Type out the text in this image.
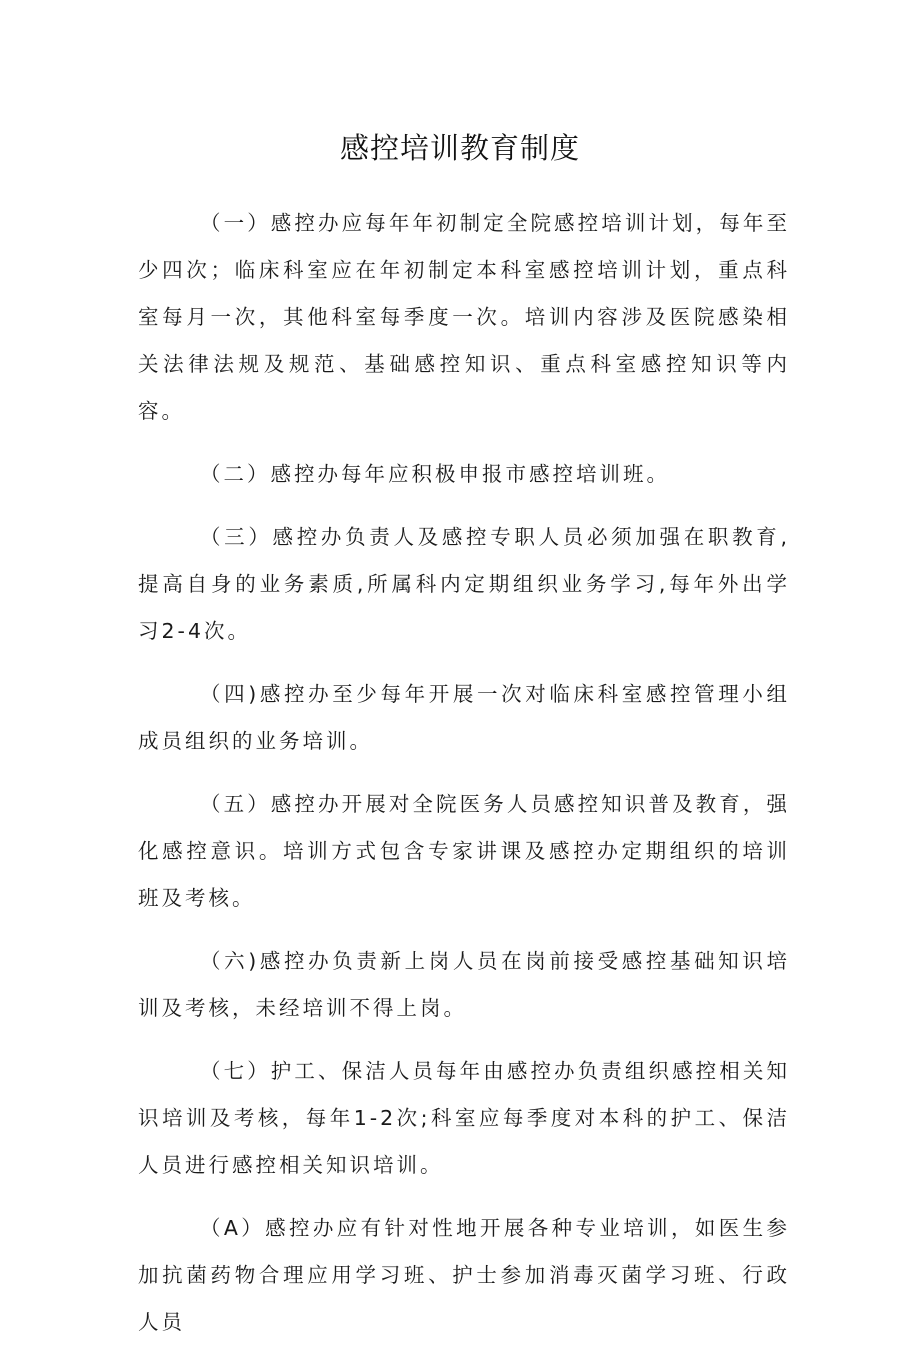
感控培训教育制度

（一）感控办应每年年初制定全院感控培训计划，每年至少四次；临床科室应在年初制定本科室感控培训计划，重点科室每月一次，其他科室每季度一次。培训内容涉及医院感染相关法律法规及规范、基础感控知识、重点科室感控知识等内容。

（二）感控办每年应积极申报市感控培训班。

（三）感控办负责人及感控专职人员必须加强在职教育,提高自身的业务素质,所属科内定期组织业务学习,每年外出学习2-4次。

（四)感控办至少每年开展一次对临床科室感控管理小组成员组织的业务培训。

（五）感控办开展对全院医务人员感控知识普及教育，强化感控意识。培训方式包含专家讲课及感控办定期组织的培训班及考核。

（六)感控办负责新上岗人员在岗前接受感控基础知识培训及考核，未经培训不得上岗。

（七）护工、保洁人员每年由感控办负责组织感控相关知识培训及考核，每年1-2次;科室应每季度对本科的护工、保洁人员进行感控相关知识培训。

（A）感控办应有针对性地开展各种专业培训，如医生参加抗菌药物合理应用学习班、护士参加消毒灭菌学习班、行政人员
